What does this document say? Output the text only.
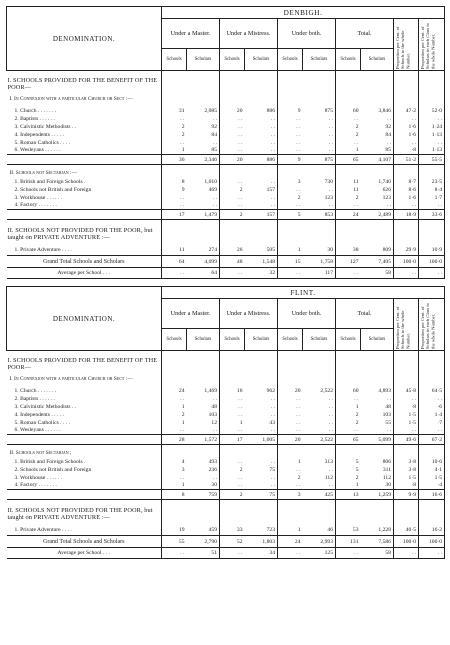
DENOMINATION.	DENBIGH.									
	Under a Master.		Under a Mistress.		Under both.		Total.		Proportion per Cent. of Schools to the whole Number.	Proportion per Cent. of Scholars in each Class to the whole Number.

	Schools	Scholars	Schools	Scholars	Schools	Scholars	Schools	Scholars		

I. SCHOOLS PROVIDED FOR THE BENEFIT OF THE POOR—										
I. In Connexion with a particular Church or Sect :—										
1. Church . . . . . . .	31	2,085	20	886	9	875	60	3,846	47·2	52·0
2. Baptists . . . . . .	. .	. .	. .	. .	. .	. .	. .	. .	. .	. .
3. Calvinistic Methodists . .	2	92	. .	. .	. .	. .	2	92	1·6	1·24
4. Independents . . . . .	2	84	. .	. .	. .	. .	2	84	1·6	1·13
5. Roman Catholics . . . .	. .	. .	. .	. .	. .	. .	. .	. .	. .	. .
6. Wesleyans . . . . . .	1	85	. .	. .	. .	. .	1	85	·8	1·13
	36	2,346	20	886	9	875	65	4,107	51·2	55·5

II. Schools not Sectarian :—										
1. British and Foreign Schools .	8	1,010	. .	. .	3	730	11	1,740	8·7	23·5
2. Schools not British and Foreign	9	469	2	157	. .	. .	11	626	8·6	8·4
3. Workhouse . . . . . .	. .	. .	. .	. .	2	123	2	123	1·6	1·7
4. Factory . . . . . . .	. .	. .	. .	. .	. .	. .	. .	. .	. .	. .
	17	1,479	2	157	5	853	24	2,489	18·9	33·6

II. SCHOOLS NOT PROVIDED FOR THE POOR, but taught on PRIVATE ADVENTURE :—										
1. Private Adventure . . . .	11	274	26	505	1	30	38	809	29·9	10·9
Grand Total Schools and Scholars	64	4,099	48	1,548	15	1,758	127	7,405	100·0	100·0
Average per School . . .	. .	64	. .	32	. .	117	. .	58	. .	. .

DENOMINATION.	FLINT.									
	Under a Master.		Under a Mistress.		Under both.		Total.		Proportion per Cent. of Schools to the whole Number.	Proportion per Cent. of Scholars in each Class to the whole Number.

	Schools	Scholars	Schools	Scholars	Schools	Scholars	Schools	Scholars		

I. SCHOOLS PROVIDED FOR THE BENEFIT OF THE POOR—										
I. In Connexion with a particular Church or Sect :—										
1. Church . . . . . . .	24	1,469	16	962	20	2,522	60	4,893	45·8	64·5
2. Baptists . . . . . .	. .	. .	. .	. .	. .	. .	. .	. .	. .	. .
3. Calvinistic Methodists . .	1	48	. .	. .	. .	. .	1	48	·8	·6
4. Independents . . . . .	2	103	. .	. .	. .	. .	2	103	1·5	1·4
5. Roman Catholics . . . .	1	12	1	43	. .	. .	2	55	1·5	·7
6. Wesleyans . . . . . .	. .	. .	. .	. .	. .	. .	. .	. .	. .	. .
	28	1,572	17	1,005	20	2,522	65	5,099	49·6	67·2

II. Schools not Sectarian ;										
1. British and Foreign Schools .	4	493	. .	. .	1	313	5	806	3·8	10·6
2. Schools not British and Foreign	3	236	2	75	. .	. .	5	311	3·8	4·1
3. Workhouse . . . . . .	. .	. .	. .	. .	2	112	2	112	1·5	1·5
4. Factory . . . . . . .	1	30	. .	. .	. .	. .	1	30	·8	·4
	8	759	2	75	3	425	13	1,259	9·9	16·6

II. SCHOOLS NOT PROVIDED FOR THE POOR, but taught on PRIVATE ADVENTURE :—										
1. Private Adventure . . . .	19	459	33	723	1	46	53	1,228	40·5	16·2
Grand Total Schools and Scholars	55	2,790	52	1,803	24	2,993	131	7,586	100·0	100·0
Average per School . . .	. .	51	. .	34	. .	125	. .	58	. .	. .
